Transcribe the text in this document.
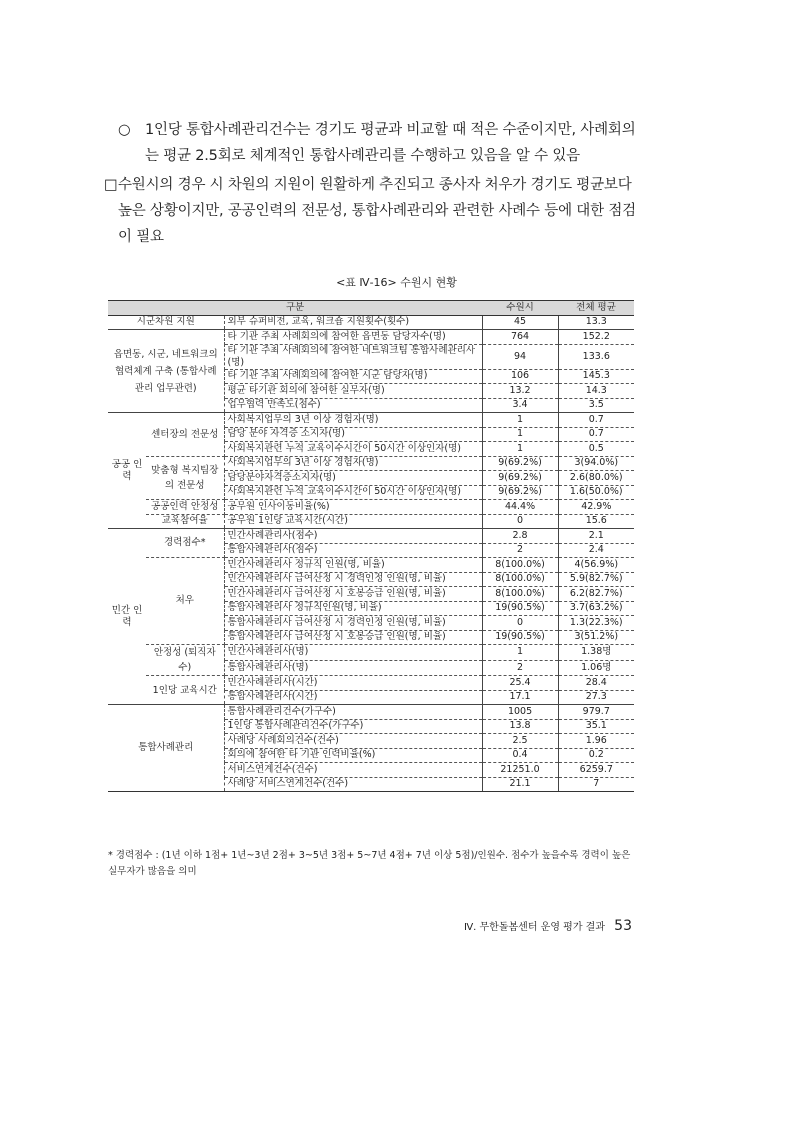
○	1인당 통합사례관리건수는 경기도 평균과 비교할 때 적은 수준이지만, 사례회의는 평균 2.5회로 체계적인 통합사례관리를 수행하고 있음을 알 수 있음
□ 수원시의 경우 시 차원의 지원이 원활하게 추진되고 종사자 처우가 경기도 평균보다 높은 상황이지만, 공공인력의 전문성, 통합사례관리와 관련한 사례수 등에 대한 점검이 필요
<표 Ⅳ-16> 수원시 현황
구분			수원시	전체 평균
시군차원 지원		외부 슈퍼비전, 교육, 워크숍 지원횟수(횟수)	45	13.3
읍면동, 시군, 네트워크의 협력체계 구축 (통합사례 관리 업무관련)		타 기관 주최 사례회의에 참여한 읍면동 담당자수(명)	764	152.2
		타 기관 주최 사례회의에 참여한 네트워크팀 통합사례관리사(명)	94	133.6

		타 기관 주최 사례회의에 참여한 시군 담당자(명)	106	145.3
		평균 타기관 회의에 참여한 실무자(명)	13.2	14.3
		업무협력 만족도(점수)	3.4	3.5
공공 인력	센터장의 전문성	사회복지업무의 3년 이상 경험자(명)	1	0.7
		담당 분야 자격증 소지자(명)	1	0.7
		사회복지관련 누적 교육이수시간이 50시간 이상인자(명)	1	0.5
	맞춤형 복지팀장의 전문성	사회복지업무의 3년 이상 경험자(명)	9(69.2%)	3(94.0%)
		담당분야자격증소지자(명)	9(69.2%)	2.6(80.0%)
		사회복지관련 누적 교육이수시간이 50시간 이상인자(명)	9(69.2%)	1.6(50.0%)
	공공인력 안정성	공무원 인사이동비율(%)	44.4%	42.9%

	교육참여율	공무원 1인당 교육시간(시간)	0	15.6
민간 인력	경력점수*	민간사례관리사(점수)	2.8	2.1
		통합사례관리사(점수)	2	2.4
	처우	민간사례관리사 정규직 인원(명, 비율)	8(100.0%)	4(56.9%)
		민간사례관리사 급여산정 시 경력인정 인원(명, 비율)	8(100.0%)	5.9(82.7%)
		민간사례관리사 급여산정 시 호봉승급 인원(명, 비율)	8(100.0%)	6.2(82.7%)
		통합사례관리사 정규직인원(명, 비율)	19(90.5%)	3.7(63.2%)
		통합사례관리사 급여산정 시 경력인정 인원(명, 비율)	0	1.3(22.3%)
		통합사례관리사 급여산정 시 호봉승급 인원(명, 비율)	19(90.5%)	3(51.2%)
	안정성 (퇴직자수)	민간사례관리사(명)	1	1.38명
		통합사례관리사(명)	2	1.06명
	1인당 교육시간	민간사례관리사(시간)	25.4	28.4
		통합사례관리사(시간)	17.1	27.3
통합사례관리		통합사례관리건수(가구수)	1005	979.7
		1인당 통합사례관리건수(가구수)	13.8	35.1
		사례당 사례회의건수(건수)	2.5	1.96
		회의에 참여한 타 기관 인력비율(%)	0.4	0.2
		서비스연계건수(건수)	21251.0	6259.7
		사례당 서비스연계건수(건수)	21.1	7
* 경력점수 : (1년 이하 1점+ 1년~3년 2점+ 3~5년 3점+ 5~7년 4점+ 7년 이상 5점)/인원수. 점수가 높을수록 경력이 높은 실무자가 많음을 의미
Ⅳ. 무한돌봄센터 운영 평가 결과 53
